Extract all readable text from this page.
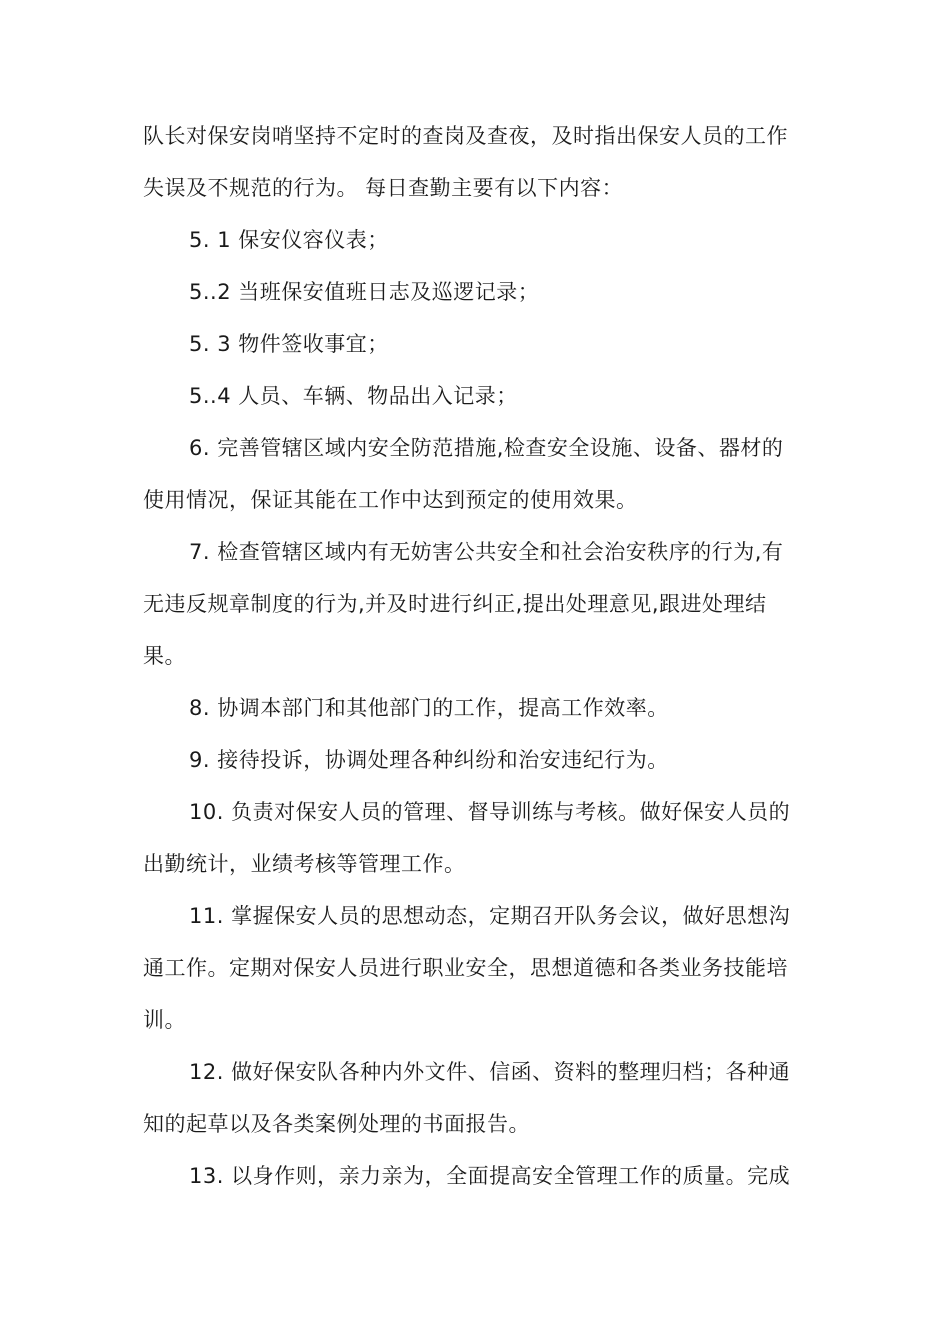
队长对保安岗哨坚持不定时的查岗及查夜，及时指出保安人员的工作
失误及不规范的行为。 每日查勤主要有以下内容：
5. 1 保安仪容仪表；
5..2 当班保安值班日志及巡逻记录；
5. 3 物件签收事宜；
5..4 人员、车辆、物品出入记录；
6. 完善管辖区域内安全防范措施,检查安全设施、设备、器材的
使用情况，保证其能在工作中达到预定的使用效果。
7. 检查管辖区域内有无妨害公共安全和社会治安秩序的行为,有
无违反规章制度的行为,并及时进行纠正,提出处理意见,跟进处理结
果。
8. 协调本部门和其他部门的工作，提高工作效率。
9. 接待投诉，协调处理各种纠纷和治安违纪行为。
10. 负责对保安人员的管理、督导训练与考核。做好保安人员的
出勤统计，业绩考核等管理工作。
11. 掌握保安人员的思想动态，定期召开队务会议，做好思想沟
通工作。定期对保安人员进行职业安全，思想道德和各类业务技能培
训。
12. 做好保安队各种内外文件、信函、资料的整理归档；各种通
知的起草以及各类案例处理的书面报告。
13. 以身作则，亲力亲为，全面提高安全管理工作的质量。完成
